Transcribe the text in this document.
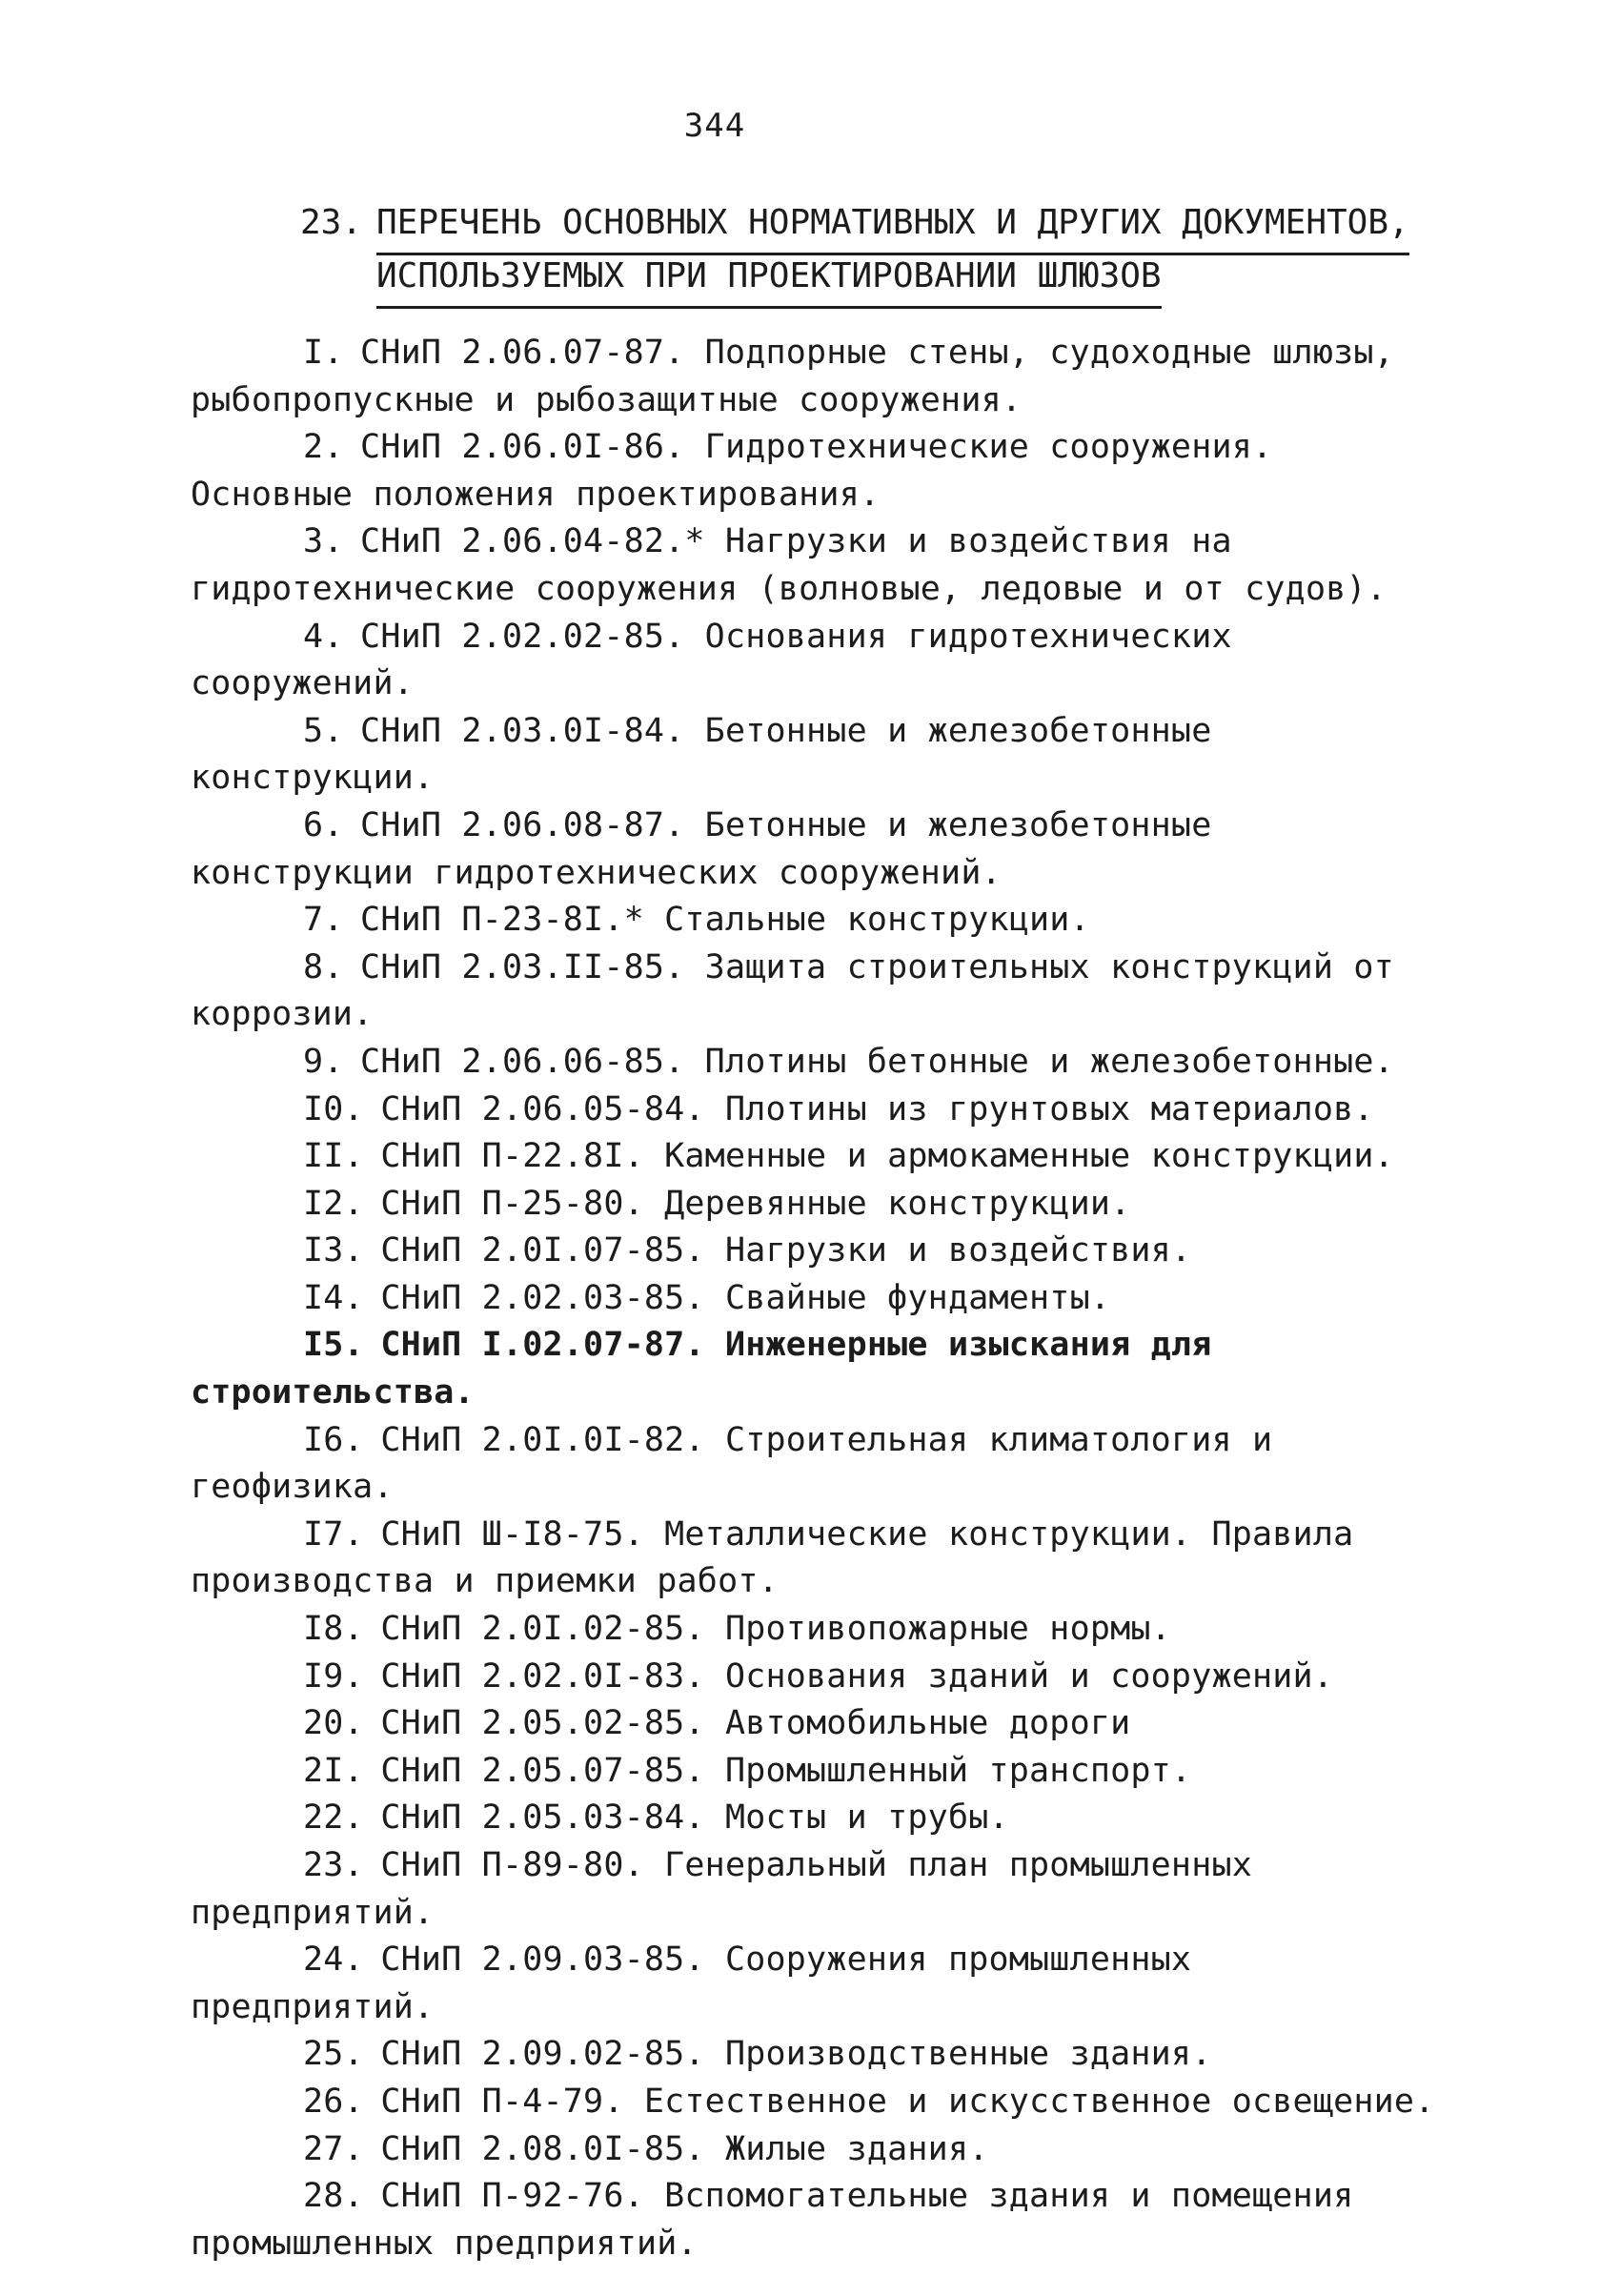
344
23. ПЕРЕЧЕНЬ ОСНОВНЫХ НОРМАТИВНЫХ И ДРУГИХ ДОКУМЕНТОВ,
ИСПОЛЬЗУЕМЫХ ПРИ ПРОЕКТИРОВАНИИ ШЛЮЗОВ

I. СНиП 2.06.07-87. Подпорные стены, судоходные шлюзы, рыбопропускные и рыбозащитные сооружения.

2. СНиП 2.06.0I-86. Гидротехнические сооружения. Основные положения проектирования.

3. СНиП 2.06.04-82.* Нагрузки и воздействия на гидротехнические сооружения (волновые, ледовые и от судов).

4. СНиП 2.02.02-85. Основания гидротехнических сооружений.

5. СНиП 2.03.0I-84. Бетонные и железобетонные конструкции.

6. СНиП 2.06.08-87. Бетонные и железобетонные конструкции гидротехнических сооружений.

7. СНиП П-23-8I.* Стальные конструкции.

8. СНиП 2.03.II-85. Защита строительных конструкций от коррозии.

9. СНиП 2.06.06-85. Плотины бетонные и железобетонные.

I0. СНиП 2.06.05-84. Плотины из грунтовых материалов.

II. СНиП П-22.8I. Каменные и армокаменные конструкции.

I2. СНиП П-25-80. Деревянные конструкции.

I3. СНиП 2.0I.07-85. Нагрузки и воздействия.

I4. СНиП 2.02.03-85. Свайные фундаменты.

I5. СНиП I.02.07-87. Инженерные изыскания для строительства.

I6. СНиП 2.0I.0I-82. Строительная климатология и геофизика.

I7. СНиП Ш-I8-75. Металлические конструкции. Правила производства и приемки работ.

I8. СНиП 2.0I.02-85. Противопожарные нормы.

I9. СНиП 2.02.0I-83. Основания зданий и сооружений.

20. СНиП 2.05.02-85. Автомобильные дороги

2I. СНиП 2.05.07-85. Промышленный транспорт.

22. СНиП 2.05.03-84. Мосты и трубы.

23. СНиП П-89-80. Генеральный план промышленных предприятий.

24. СНиП 2.09.03-85. Сооружения промышленных предприятий.

25. СНиП 2.09.02-85. Производственные здания.

26. СНиП П-4-79. Естественное и искусственное освещение.

27. СНиП 2.08.0I-85. Жилые здания.

28. СНиП П-92-76. Вспомогательные здания и помещения промышленных предприятий.
